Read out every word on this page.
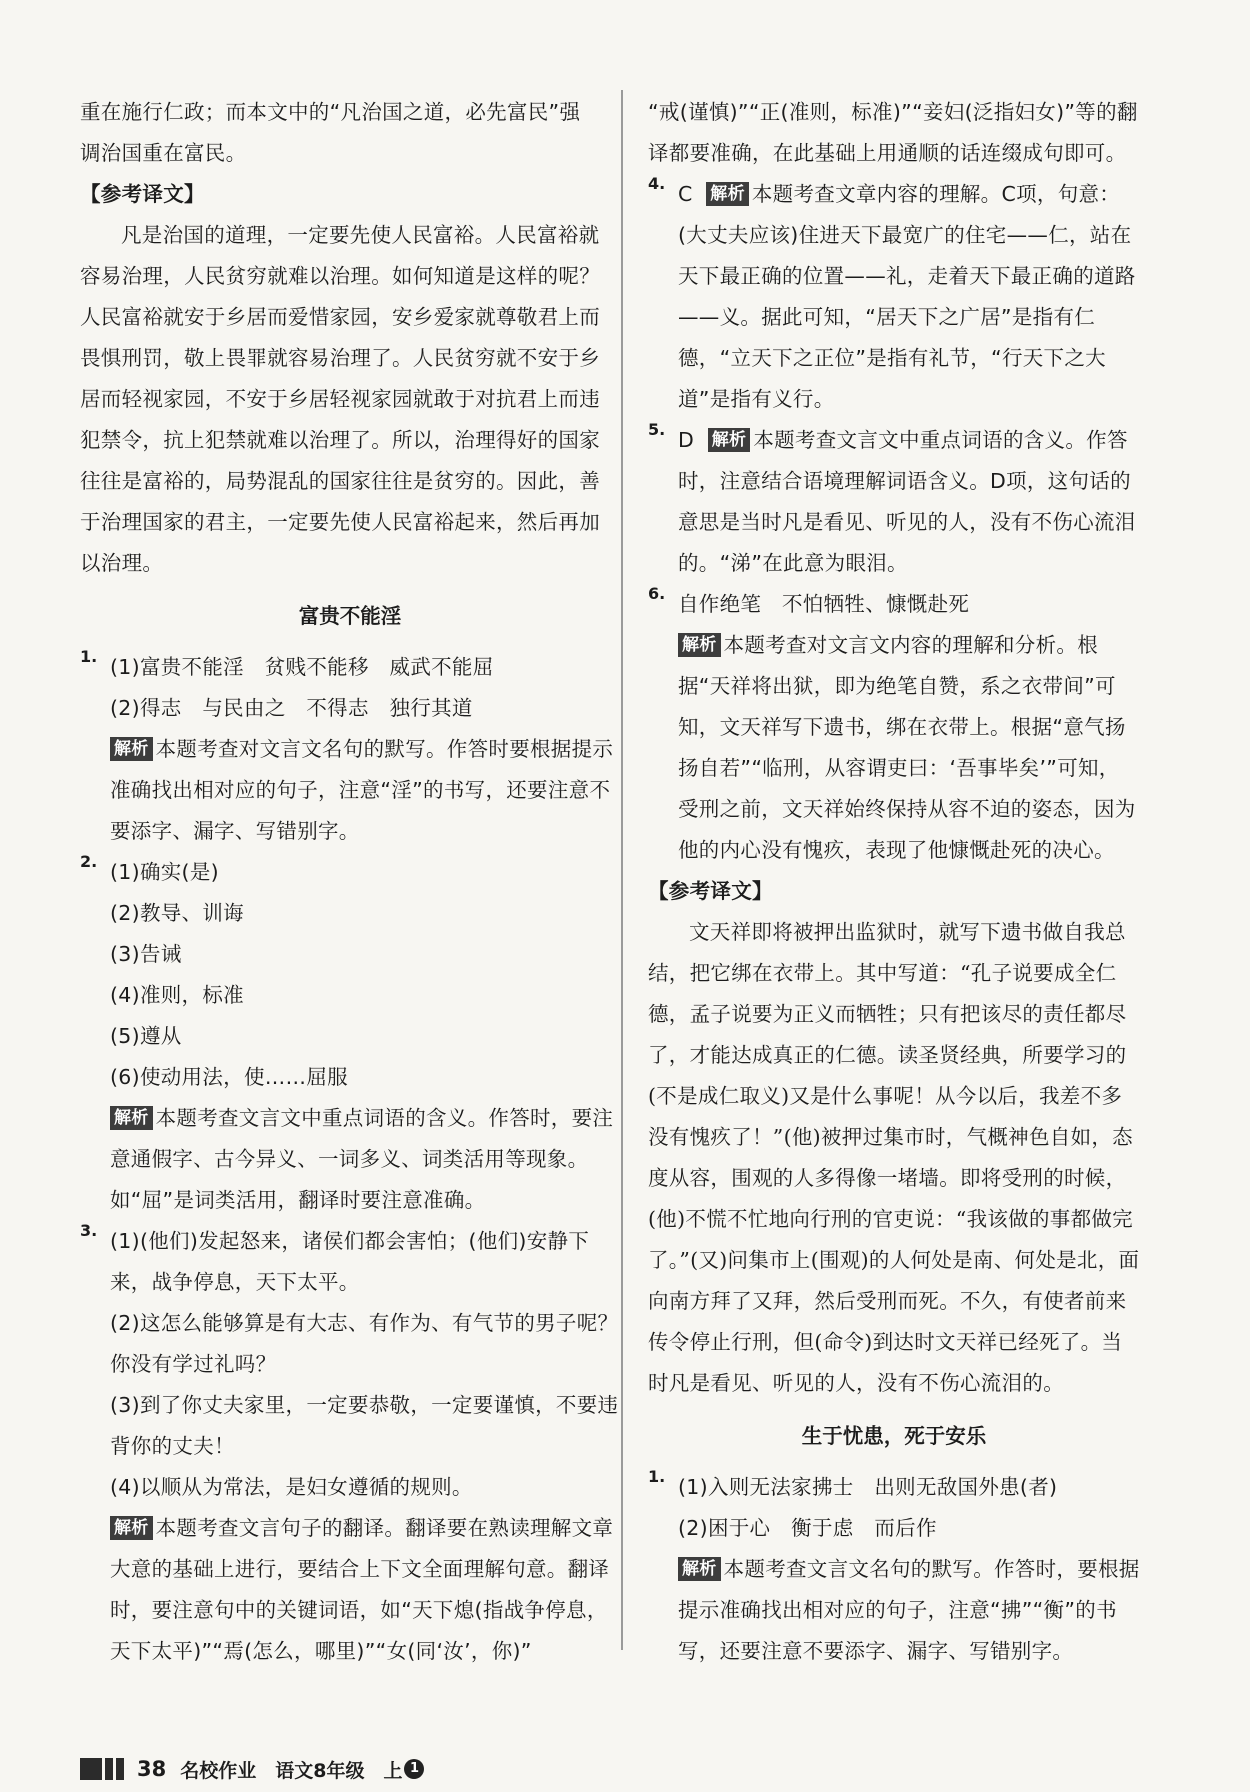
重在施行仁政；而本文中的“凡治国之道，必先富民”强

调治国重在富民。

【参考译文】

凡是治国的道理，一定要先使人民富裕。人民富裕就容易治理，人民贫穷就难以治理。如何知道是这样的呢？人民富裕就安于乡居而爱惜家园，安乡爱家就尊敬君上而畏惧刑罚，敬上畏罪就容易治理了。人民贫穷就不安于乡居而轻视家园，不安于乡居轻视家园就敢于对抗君上而违犯禁令，抗上犯禁就难以治理了。所以，治理得好的国家往往是富裕的，局势混乱的国家往往是贫穷的。因此，善于治理国家的君主，一定要先使人民富裕起来，然后再加以治理。

富贵不能淫
1. (1)富贵不能淫　贫贱不能移　威武不能屈

(2)得志　与民由之　不得志　独行其道

解析 本题考查对文言文名句的默写。作答时要根据提示准确找出相对应的句子，注意“淫”的书写，还要注意不要添字、漏字、写错别字。

2. (1)确实(是)

(2)教导、训诲

(3)告诫

(4)准则，标准

(5)遵从

(6)使动用法，使……屈服

解析 本题考查文言文中重点词语的含义。作答时，要注意通假字、古今异义、一词多义、词类活用等现象。如“屈”是词类活用，翻译时要注意准确。

3. (1)(他们)发起怒来，诸侯们都会害怕；(他们)安静下来，战争停息，天下太平。

(2)这怎么能够算是有大志、有作为、有气节的男子呢？你没有学过礼吗？

(3)到了你丈夫家里，一定要恭敬，一定要谨慎，不要违背你的丈夫！

(4)以顺从为常法，是妇女遵循的规则。

解析 本题考查文言句子的翻译。翻译要在熟读理解文章大意的基础上进行，要结合上下文全面理解句意。翻译时，要注意句中的关键词语，如“天下熄(指战争停息，天下太平)”“焉(怎么，哪里)”“女(同‘汝’，你)”

“戒(谨慎)”“正(准则，标准)”“妾妇(泛指妇女)”等的翻译都要准确，在此基础上用通顺的话连缀成句即可。

4. C 解析 本题考查文章内容的理解。C项，句意：(大丈夫应该)住进天下最宽广的住宅——仁，站在天下最正确的位置——礼，走着天下最正确的道路——义。据此可知，“居天下之广居”是指有仁德，“立天下之正位”是指有礼节，“行天下之大道”是指有义行。

5. D 解析 本题考查文言文中重点词语的含义。作答时，注意结合语境理解词语含义。D项，这句话的意思是当时凡是看见、听见的人，没有不伤心流泪的。“涕”在此意为眼泪。

6. 自作绝笔　不怕牺牲、慷慨赴死

解析 本题考查对文言文内容的理解和分析。根据“天祥将出狱，即为绝笔自赞，系之衣带间”可知，文天祥写下遗书，绑在衣带上。根据“意气扬扬自若”“临刑，从容谓吏曰：‘吾事毕矣’”可知，受刑之前，文天祥始终保持从容不迫的姿态，因为他的内心没有愧疚，表现了他慷慨赴死的决心。

【参考译文】

文天祥即将被押出监狱时，就写下遗书做自我总结，把它绑在衣带上。其中写道：“孔子说要成全仁德，孟子说要为正义而牺牲；只有把该尽的责任都尽了，才能达成真正的仁德。读圣贤经典，所要学习的(不是成仁取义)又是什么事呢！从今以后，我差不多没有愧疚了！”(他)被押过集市时，气概神色自如，态度从容，围观的人多得像一堵墙。即将受刑的时候，(他)不慌不忙地向行刑的官吏说：“我该做的事都做完了。”(又)问集市上(围观)的人何处是南、何处是北，面向南方拜了又拜，然后受刑而死。不久，有使者前来传令停止行刑，但(命令)到达时文天祥已经死了。当时凡是看见、听见的人，没有不伤心流泪的。

生于忧患，死于安乐
1. (1)入则无法家拂士　出则无敌国外患(者)

(2)困于心　衡于虑　而后作

解析 本题考查文言文名句的默写。作答时，要根据提示准确找出相对应的句子，注意“拂”“衡”的书写，还要注意不要添字、漏字、写错别字。

38 名校作业　语文8年级　上 1
